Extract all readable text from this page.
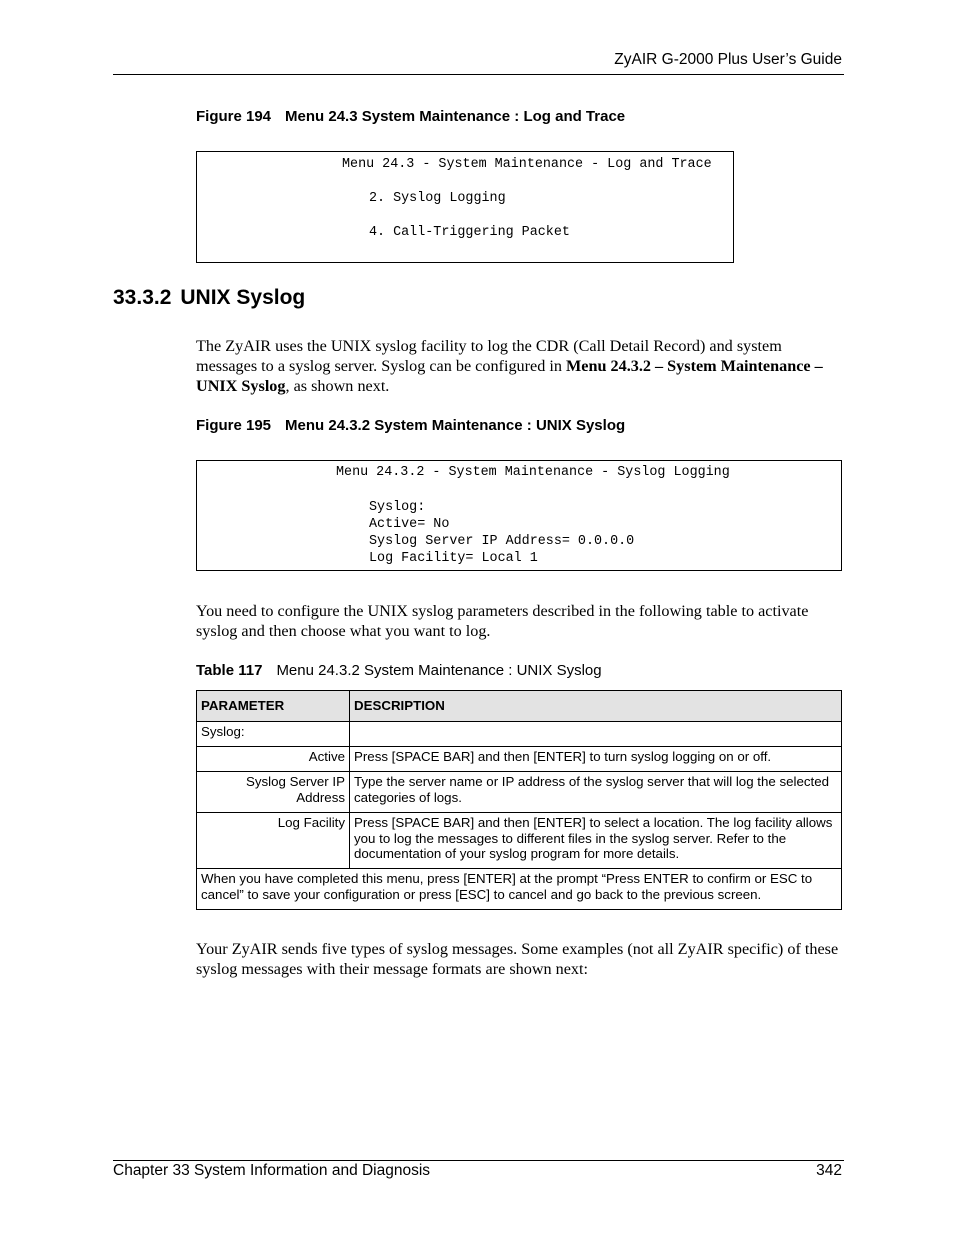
ZyAIR G-2000 Plus User’s Guide
Figure 194 Menu 24.3 System Maintenance : Log and Trace
Menu 24.3 - System Maintenance - Log and Trace
2. Syslog Logging
4. Call-Triggering Packet
33.3.2 UNIX Syslog
The ZyAIR uses the UNIX syslog facility to log the CDR (Call Detail Record) and system messages to a syslog server. Syslog can be configured in Menu 24.3.2 – System Maintenance – UNIX Syslog, as shown next.
Figure 195 Menu 24.3.2 System Maintenance : UNIX Syslog
Menu 24.3.2 - System Maintenance - Syslog Logging
Syslog:
Active= No
Syslog Server IP Address= 0.0.0.0
Log Facility= Local 1
You need to configure the UNIX syslog parameters described in the following table to activate syslog and then choose what you want to log.
Table 117 Menu 24.3.2 System Maintenance : UNIX Syslog
PARAMETER	DESCRIPTION
Syslog:	
Active	Press [SPACE BAR] and then [ENTER] to turn syslog logging on or off.
Syslog Server IP Address	Type the server name or IP address of the syslog server that will log the selected categories of logs.
Log Facility	Press [SPACE BAR] and then [ENTER] to select a location. The log facility allows you to log the messages to different files in the syslog server. Refer to the documentation of your syslog program for more details.
When you have completed this menu, press [ENTER] at the prompt “Press ENTER to confirm or ESC to cancel” to save your configuration or press [ESC] to cancel and go back to the previous screen.	
Your ZyAIR sends five types of syslog messages. Some examples (not all ZyAIR specific) of these syslog messages with their message formats are shown next:
Chapter 33 System Information and Diagnosis	342
